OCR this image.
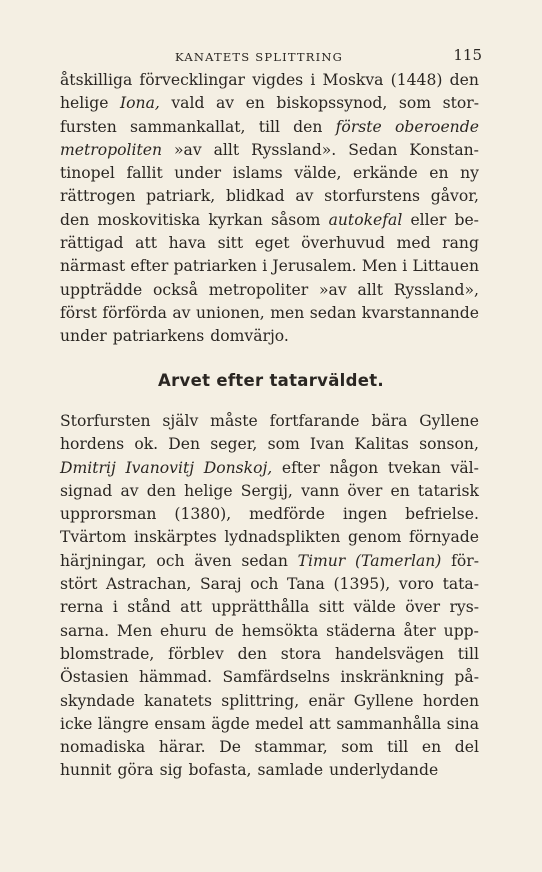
KANATETS SPLITTRING	115
åtskilliga förvecklingar vigdes i Moskva (1448) den
helige Iona, vald av en biskopssynod, som stor-
fursten sammankallat, till den förste oberoende
metropoliten »av allt Ryssland». Sedan Konstan-
tinopel fallit under islams välde, erkände en ny
rättrogen patriark, blidkad av storfurstens gåvor,
den moskovitiska kyrkan såsom autokefal eller be-
rättigad att hava sitt eget överhuvud med rang
närmast efter patriarken i Jerusalem. Men i Littauen
uppträdde också metropoliter »av allt Ryssland»,
först förförda av unionen, men sedan kvarstannande
under patriarkens domvärjo.
Arvet efter tatarväldet.
Storfursten själv måste fortfarande bära Gyllene
hordens ok. Den seger, som Ivan Kalitas sonson,
Dmitrij Ivanovitj Donskoj, efter någon tvekan väl-
signad av den helige Sergij, vann över en tatarisk
upprorsman (1380), medförde ingen befrielse.
Tvärtom inskärptes lydnadsplikten genom förnyade
härjningar, och även sedan Timur (Tamerlan) för-
stört Astrachan, Saraj och Tana (1395), voro tata-
rerna i stånd att upprätthålla sitt välde över rys-
sarna. Men ehuru de hemsökta städerna åter upp-
blomstrade, förblev den stora handelsvägen till
Östasien hämmad. Samfärdselns inskränkning på-
skyndade kanatets splittring, enär Gyllene horden
icke längre ensam ägde medel att sammanhålla sina
nomadiska härar. De stammar, som till en del
hunnit göra sig bofasta, samlade underlydande
